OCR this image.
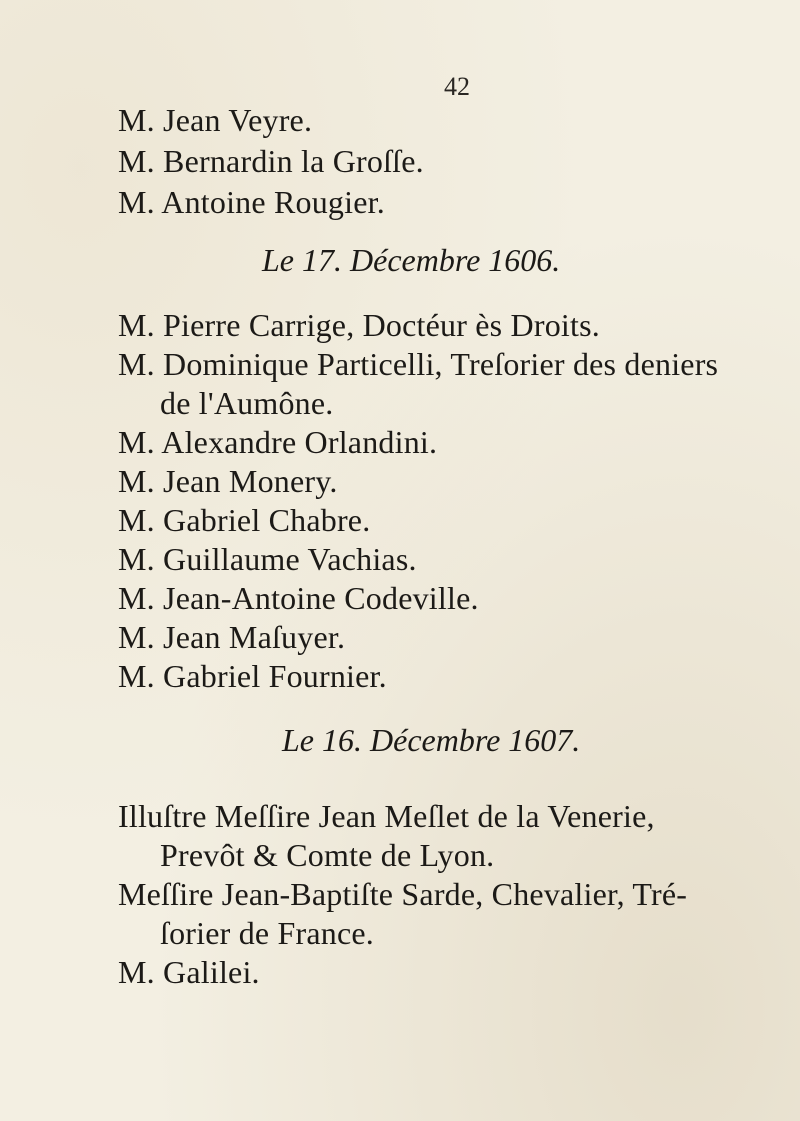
42
M. Jean Veyre.
M. Bernardin la Groſſe.
M. Antoine Rougier.
Le 17. Décembre 1606.
M. Pierre Carrige, Doctéur ès Droits.
M. Dominique Particelli, Treſorier des deniers
de l'Aumône.
M. Alexandre Orlandini.
M. Jean Monery.
M. Gabriel Chabre.
M. Guillaume Vachias.
M. Jean-Antoine Codeville.
M. Jean Maſuyer.
M. Gabriel Fournier.
Le 16. Décembre 1607.
Illuſtre Meſſire Jean Meſlet de la Venerie,
Prevôt & Comte de Lyon.
Meſſire Jean-Baptiſte Sarde, Chevalier, Tré-
ſorier de France.
M. Galilei.
